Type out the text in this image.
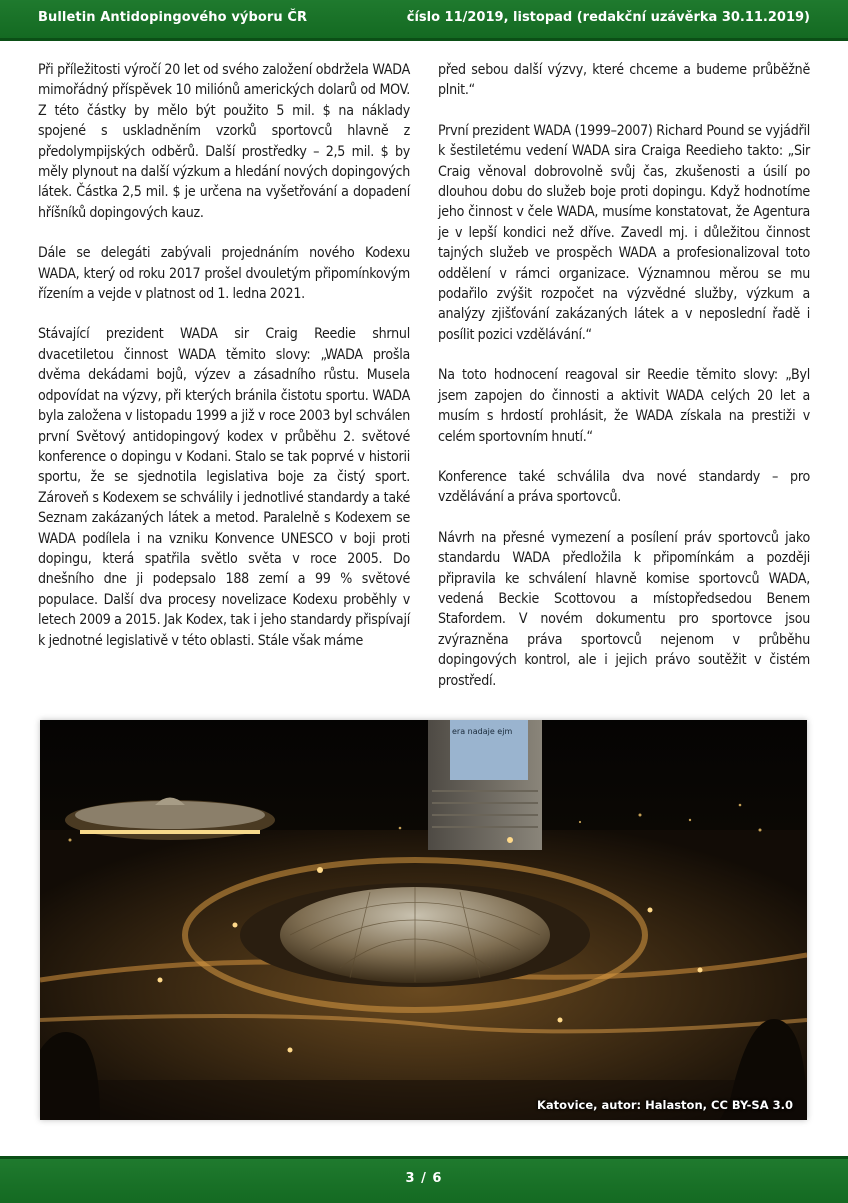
Bulletin Antidopingového výboru ČR	číslo 11/2019, listopad (redakční uzávěrka 30.11.2019)

Při příležitosti výročí 20 let od svého založení obdržela WADA mimořádný příspěvek 10 miliónů amerických dolarů od MOV. Z této částky by mělo být použito 5 mil. $ na náklady spojené s uskladněním vzorků sportovců hlavně z předolympijských odběrů. Další prostředky – 2,5 mil. $ by měly plynout na další výzkum a hledání nových dopingových látek. Částka 2,5 mil. $ je určena na vyšetřování a dopadení hříšníků dopingových kauz.

Dále se delegáti zabývali projednáním nového Kodexu WADA, který od roku 2017 prošel dvouletým připomínkovým řízením a vejde v platnost od 1. ledna 2021.

Stávající prezident WADA sir Craig Reedie shrnul dvacetiletou činnost WADA těmito slovy: „WADA prošla dvěma dekádami bojů, výzev a zásadního růstu. Musela odpovídat na výzvy, při kterých bránila čistotu sportu. WADA byla založena v listopadu 1999 a již v roce 2003 byl schválen první Světový antidopingový kodex v průběhu 2. světové konference o dopingu v Kodani. Stalo se tak poprvé v historii sportu, že se sjednotila legislativa boje za čistý sport. Zároveň s Kodexem se schválily i jednotlivé standardy a také Seznam zakázaných látek a metod. Paralelně s Kodexem se WADA podílela i na vzniku Konvence UNESCO v boji proti dopingu, která spatřila světlo světa v roce 2005. Do dnešního dne ji podepsalo 188 zemí a 99 % světové populace. Další dva procesy novelizace Kodexu proběhly v letech 2009 a 2015. Jak Kodex, tak i jeho standardy přispívají k jednotné legislativě v této oblasti. Stále však máme

před sebou další výzvy, které chceme a budeme průběžně plnit.“

První prezident WADA (1999–2007) Richard Pound se vyjádřil k šestiletému vedení WADA sira Craiga Reedieho takto: „Sir Craig věnoval dobrovolně svůj čas, zkušenosti a úsilí po dlouhou dobu do služeb boje proti dopingu. Když hodnotíme jeho činnost v čele WADA, musíme konstatovat, že Agentura je v lepší kondici než dříve. Zavedl mj. i důležitou činnost tajných služeb ve prospěch WADA a profesionalizoval toto oddělení v rámci organizace. Významnou měrou se mu podařilo zvýšit rozpočet na výzvědné služby, výzkum a analýzy zjišťování zakázaných látek a v neposlední řadě i posílit pozici vzdělávání.“

Na toto hodnocení reagoval sir Reedie těmito slovy: „Byl jsem zapojen do činnosti a aktivit WADA celých 20 let a musím s hrdostí prohlásit, že WADA získala na prestiži v celém sportovním hnutí.“

Konference také schválila dva nové standardy – pro vzdělávání a práva sportovců.

Návrh na přesné vymezení a posílení práv sportovců jako standardu WADA předložila k připomínkám a později připravila ke schválení hlavně komise sportovců WADA, vedená Beckie Scottovou a místopředsedou Benem Stafordem. V novém dokumentu pro sportovce jsou zvýrazněna práva sportovců nejenom v průběhu dopingových kontrol, ale i jejich právo soutěžit v čistém prostředí.

era nadaje ejm
Katovice, autor: Halaston, CC BY-SA 3.0
3 / 6
